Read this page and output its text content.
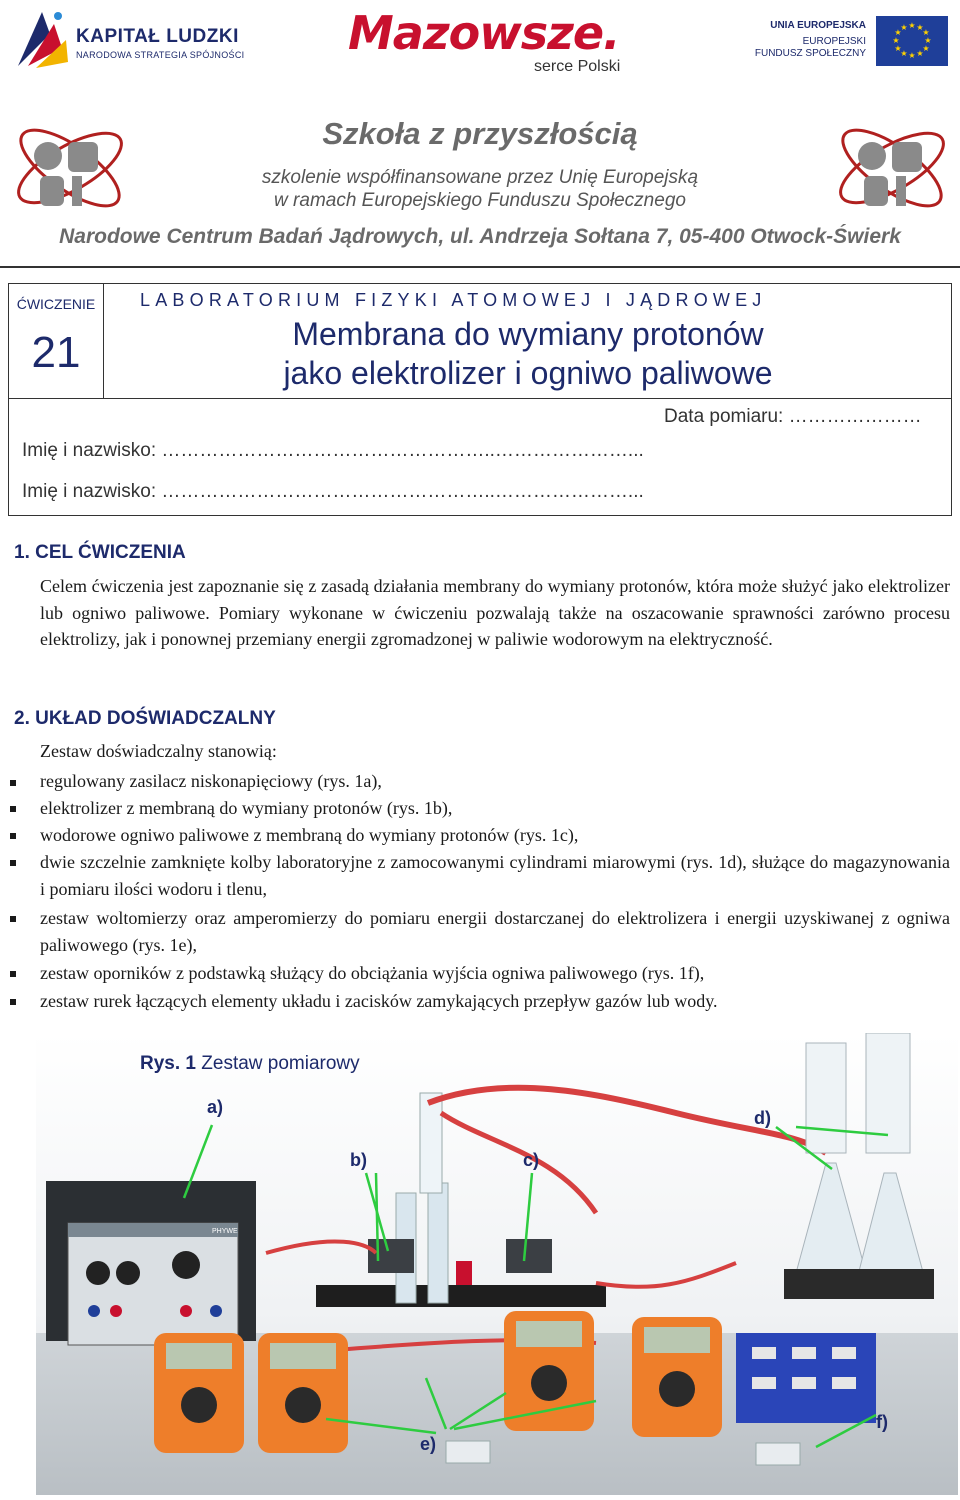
KAPITAŁ LUDZKI
NARODOWA STRATEGIA SPÓJNOŚCI Mazowsze.
serce Polski
UNIA EUROPEJSKA
EUROPEJSKI
FUNDUSZ SPOŁECZNY
★ ★
★
★
★
★
★
★
★
★
★
★
Szkoła z przyszłością
szkolenie współfinansowane przez Unię Europejską
w ramach Europejskiego Funduszu Społecznego
Narodowe Centrum Badań Jądrowych, ul. Andrzeja Sołtana 7, 05-400 Otwock-Świerk
ĆWICZENIE
21
LABORATORIUM FIZYKI ATOMOWEJ I JĄDROWEJ
Membrana do wymiany protonów
jako elektrolizer i ogniwo paliwowe
Data pomiaru: …………………
Imię i nazwisko: ……………………………………………..…………………...
Imię i nazwisko: ……………………………………………..…………………...
1. CEL ĆWICZENIA
Celem ćwiczenia jest zapoznanie się z zasadą działania membrany do wymiany protonów, która może służyć jako elektrolizer lub ogniwo paliwowe. Pomiary wykonane w ćwiczeniu pozwalają także na oszacowanie sprawności zarówno procesu elektrolizy, jak i ponownej przemiany energii zgromadzonej w paliwie wodorowym na elektryczność.
2. UKŁAD DOŚWIADCZALNY
Zestaw doświadczalny stanowią:
regulowany zasilacz niskonapięciowy (rys. 1a),
elektrolizer z membraną do wymiany protonów (rys. 1b),
wodorowe ogniwo paliwowe z membraną do wymiany protonów (rys. 1c),
dwie szczelnie zamknięte kolby laboratoryjne z zamocowanymi cylindrami miarowymi (rys. 1d), służące do magazynowania i pomiaru ilości wodoru i tlenu,
zestaw woltomierzy oraz amperomierzy do pomiaru energii dostarczanej do elektrolizera i energii uzyskiwanej z ogniwa paliwowego (rys. 1e),
zestaw oporników z podstawką służący do obciążania wyjścia ogniwa paliwowego (rys. 1f),
zestaw rurek łączących elementy układu i zacisków zamykających przepływ gazów lub wody.
PHYWE
Rys. 1 Zestaw pomiarowy
a)
b)	c)
d)
e)
f)
